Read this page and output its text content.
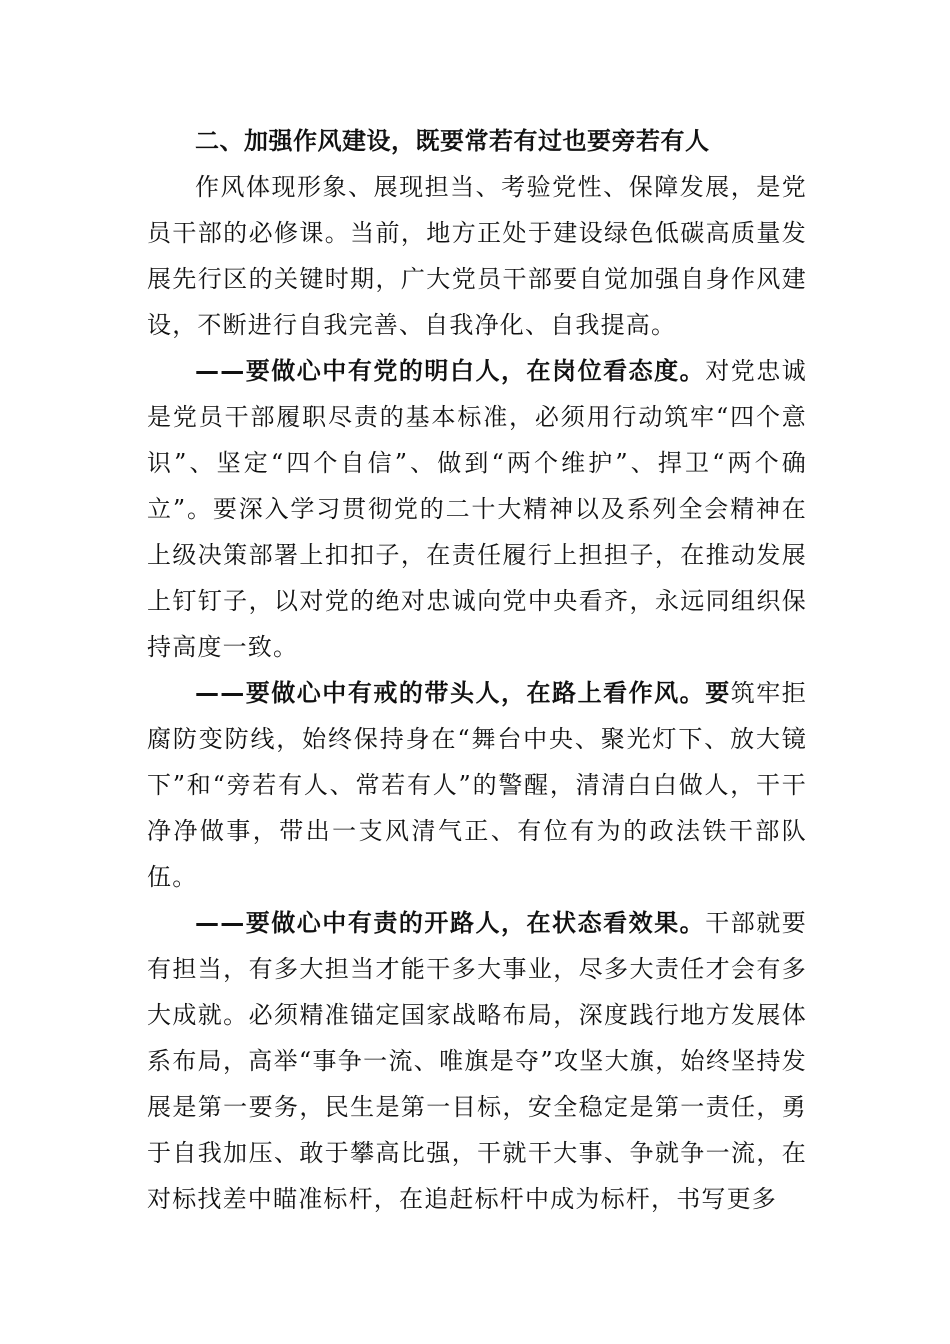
二、加强作风建设，既要常若有过也要旁若有人

作风体现形象、展现担当、考验党性、保障发展，是党员干部的必修课。当前，地方正处于建设绿色低碳高质量发展先行区的关键时期，广大党员干部要自觉加强自身作风建设，不断进行自我完善、自我净化、自我提高。

——要做心中有党的明白人，在岗位看态度。对党忠诚是党员干部履职尽责的基本标准，必须用行动筑牢“四个意识”、坚定“四个自信”、做到“两个维护”、捍卫“两个确立”。要深入学习贯彻党的二十大精神以及系列全会精神在上级决策部署上扣扣子，在责任履行上担担子，在推动发展上钉钉子，以对党的绝对忠诚向党中央看齐，永远同组织保持高度一致。

——要做心中有戒的带头人，在路上看作风。要筑牢拒腐防变防线，始终保持身在“舞台中央、聚光灯下、放大镜下”和“旁若有人、常若有人”的警醒，清清白白做人，干干净净做事，带出一支风清气正、有位有为的政法铁干部队伍。

——要做心中有责的开路人，在状态看效果。干部就要有担当，有多大担当才能干多大事业，尽多大责任才会有多大成就。必须精准锚定国家战略布局，深度践行地方发展体系布局，高举“事争一流、唯旗是夺”攻坚大旗，始终坚持发展是第一要务，民生是第一目标，安全稳定是第一责任，勇于自我加压、敢于攀高比强，干就干大事、争就争一流，在对标找差中瞄准标杆，在追赶标杆中成为标杆，书写更多
